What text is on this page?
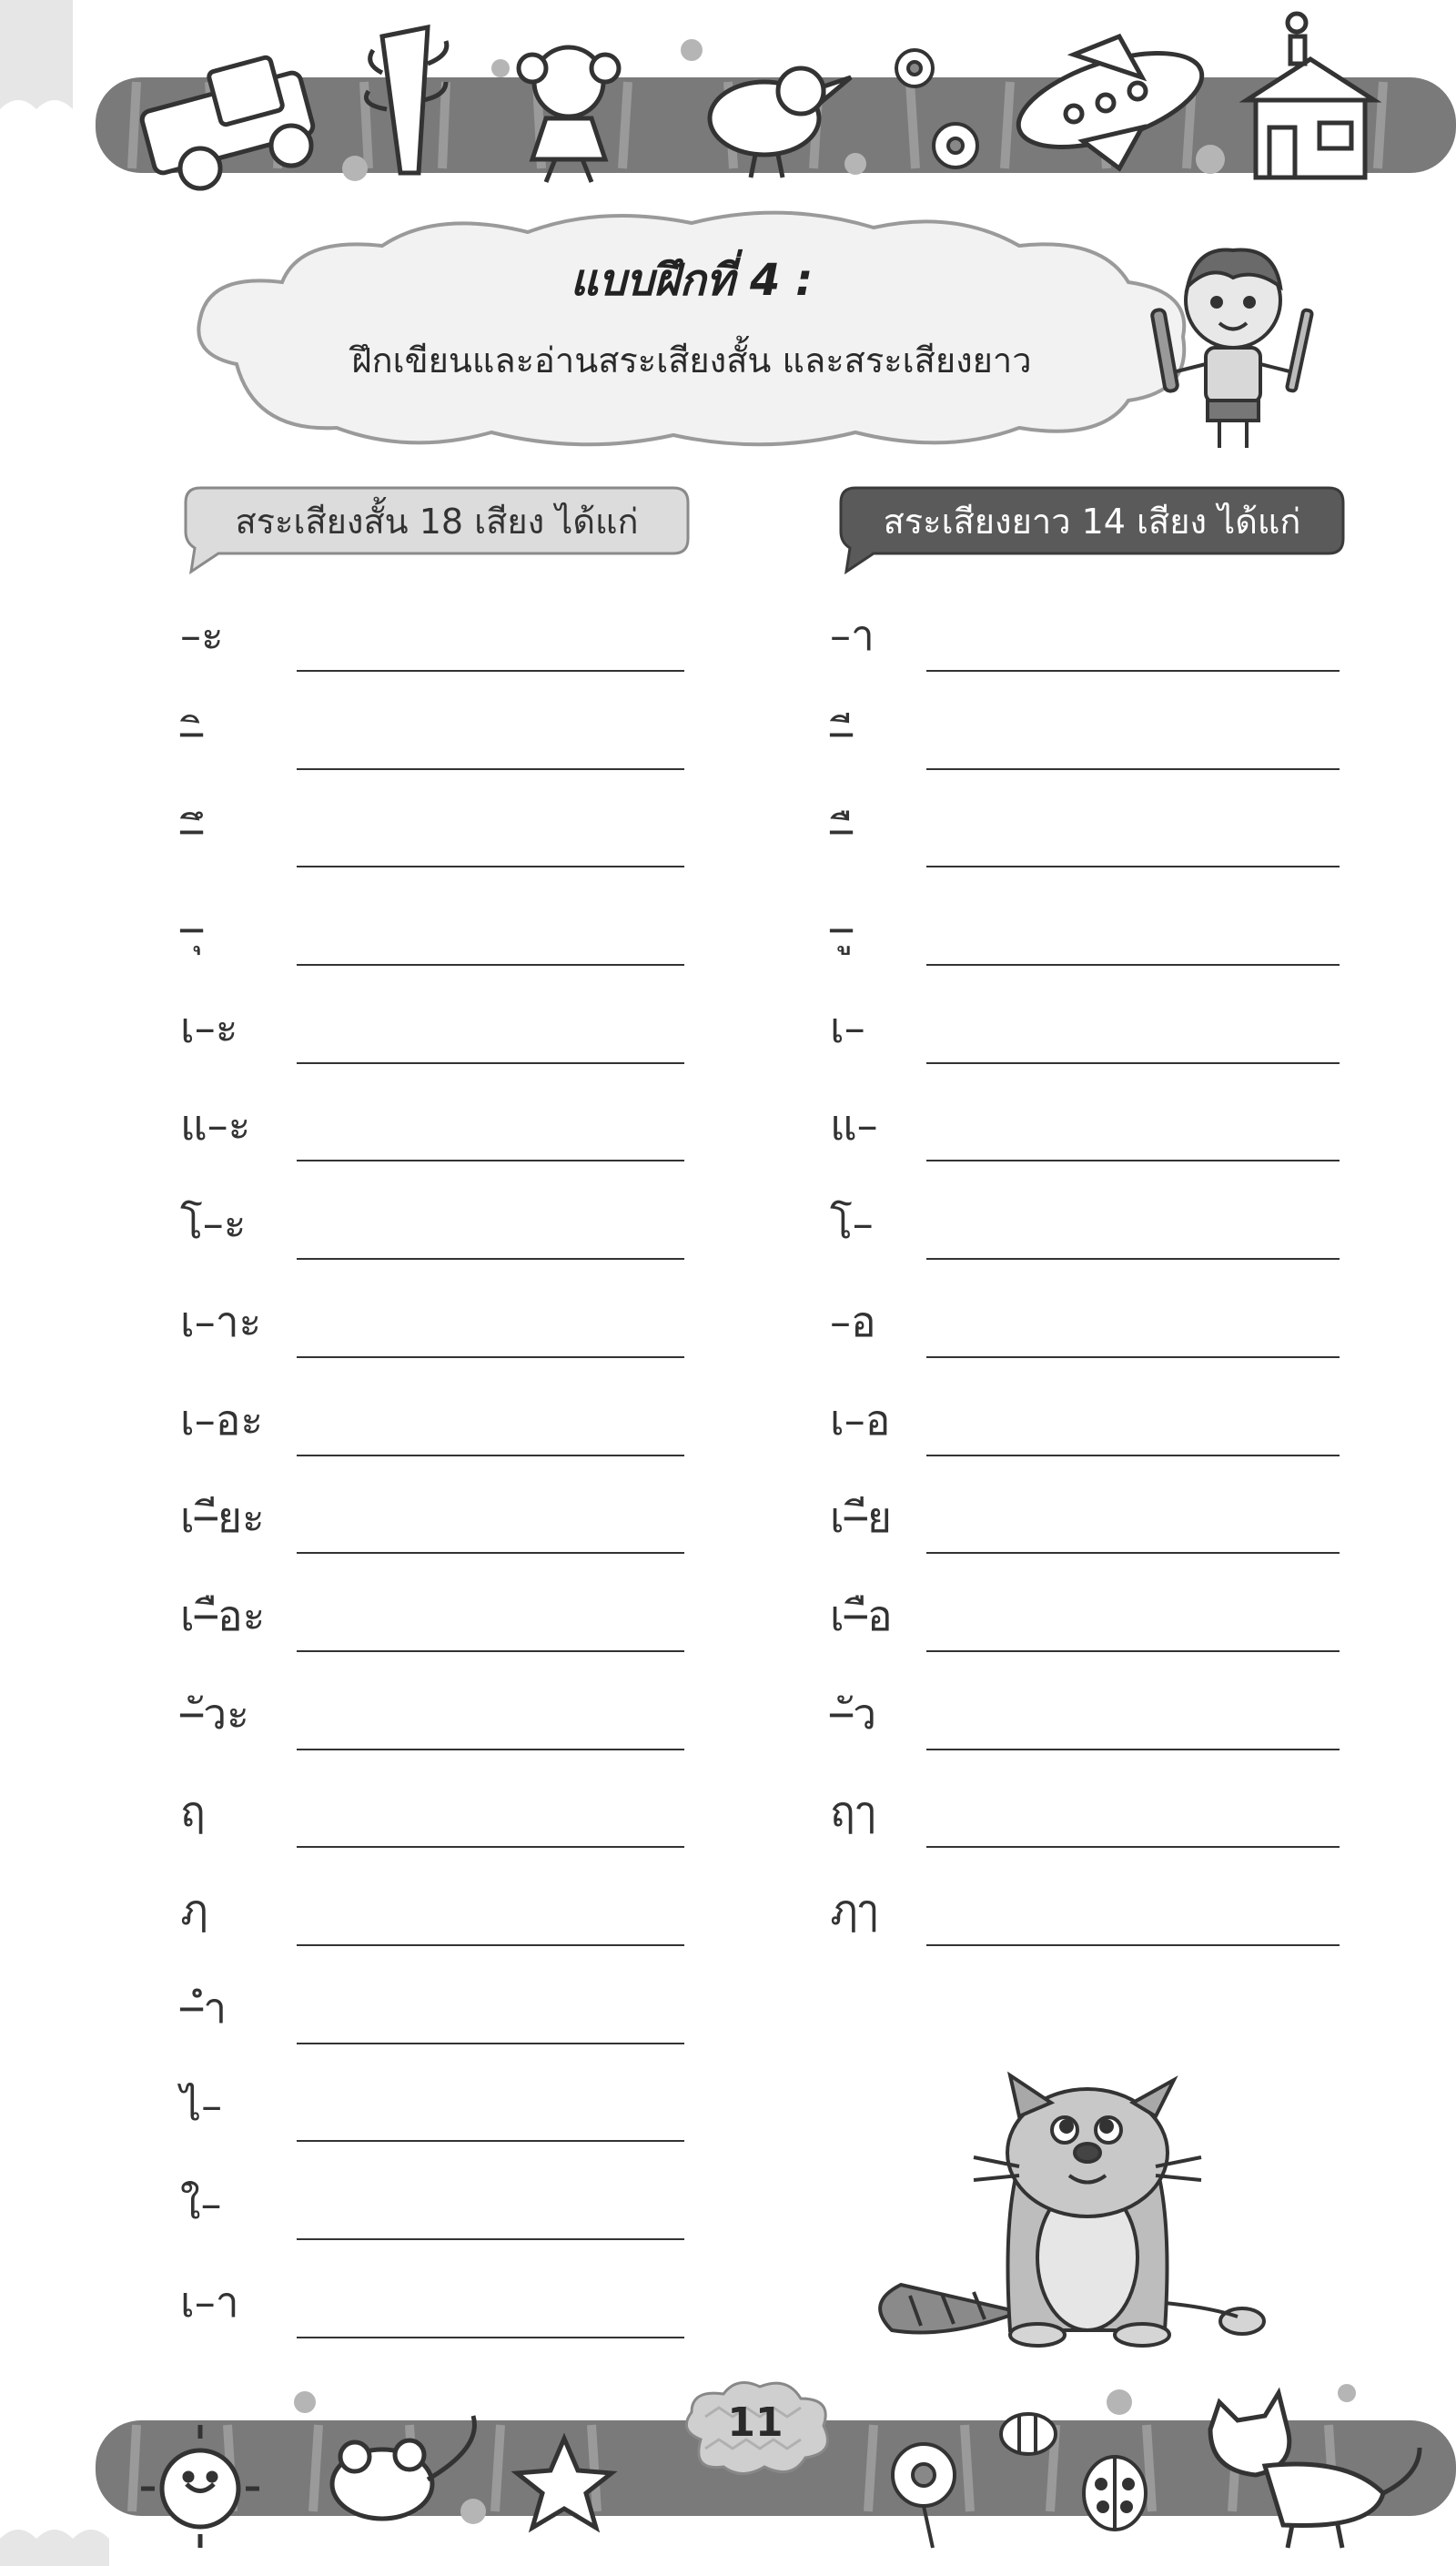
แบบฝึกที่ 4 :
ฝึกเขียนและอ่านสระเสียงสั้น และสระเสียงยาว
สระเสียงสั้น 18 เสียง ได้แก่	สระเสียงยาว 14 เสียง ได้แก่
–ะ
–ิ
–ึ
–ุ
เ–ะ
แ–ะ
โ–ะ
เ–าะ
เ–อะ
เ–ียะ
เ–ือะ
–ัวะ
ฤ
ฦ
–ำ
ไ–
ใ–
เ–า
–า
–ี
–ื
–ู
เ–
แ–
โ–
–อ
เ–อ
เ–ีย
เ–ือ
–ัว
ฤๅ
ฦๅ
11
